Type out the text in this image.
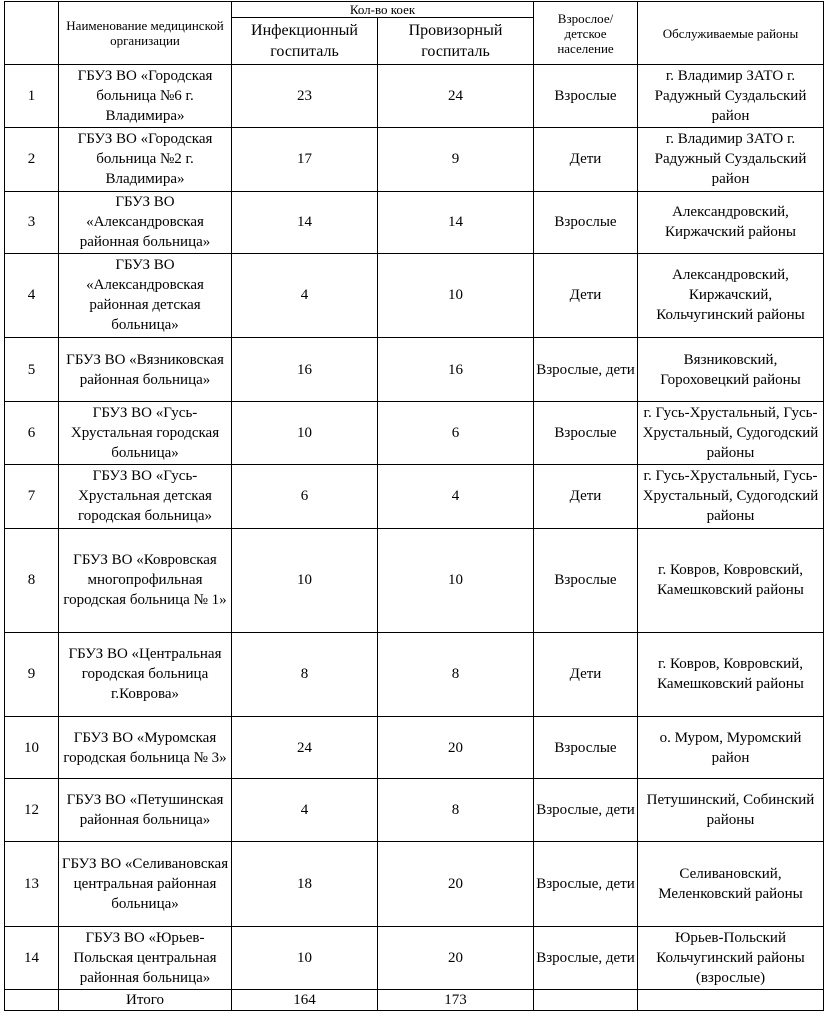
	Наименование медицинской организации	Кол-во коек		Взрослое/ детское население	Обслуживаемые районы
		Инфекционный госпиталь	Провизорный госпиталь		
1	ГБУЗ ВО «Городская больница №6 г. Владимира»	23	24	Взрослые	г. Владимир ЗАТО г. Радужный Суздальский район
2	ГБУЗ ВО «Городская больница №2 г. Владимира»	17	9	Дети	г. Владимир ЗАТО г. Радужный Суздальский район
3	ГБУЗ ВО «Александровская районная больница»	14	14	Взрослые	Александровский, Киржачский районы
4	ГБУЗ ВО «Александровская районная детская больница»	4	10	Дети	Александровский, Киржачский, Кольчугинский районы
5	ГБУЗ ВО «Вязниковская районная больница»	16	16	Взрослые, дети	Вязниковский, Гороховецкий районы
6	ГБУЗ ВО «Гусь-Хрустальная городская больница»	10	6	Взрослые	г. Гусь-Хрустальный, Гусь-Хрустальный, Судогодский районы
7	ГБУЗ ВО «Гусь-Хрустальная детская городская больница»	6	4	Дети	г. Гусь-Хрустальный, Гусь-Хрустальный, Судогодский районы
8	ГБУЗ ВО «Ковровская многопрофильная городская больница № 1»	10	10	Взрослые	г. Ковров, Ковровский, Камешковский районы
9	ГБУЗ ВО «Центральная городская больница г.Коврова»	8	8	Дети	г. Ковров, Ковровский, Камешковский районы
10	ГБУЗ ВО «Муромская городская больница № 3»	24	20	Взрослые	о. Муром, Муромский район
12	ГБУЗ ВО «Петушинская районная больница»	4	8	Взрослые, дети	Петушинский, Собинский районы
13	ГБУЗ ВО «Селивановская центральная районная больница»	18	20	Взрослые, дети	Селивановский, Меленковский районы
14	ГБУЗ ВО «Юрьев-Польская центральная районная больница»	10	20	Взрослые, дети	Юрьев-Польский Кольчугинский районы (взрослые)
	Итого	164	173		
